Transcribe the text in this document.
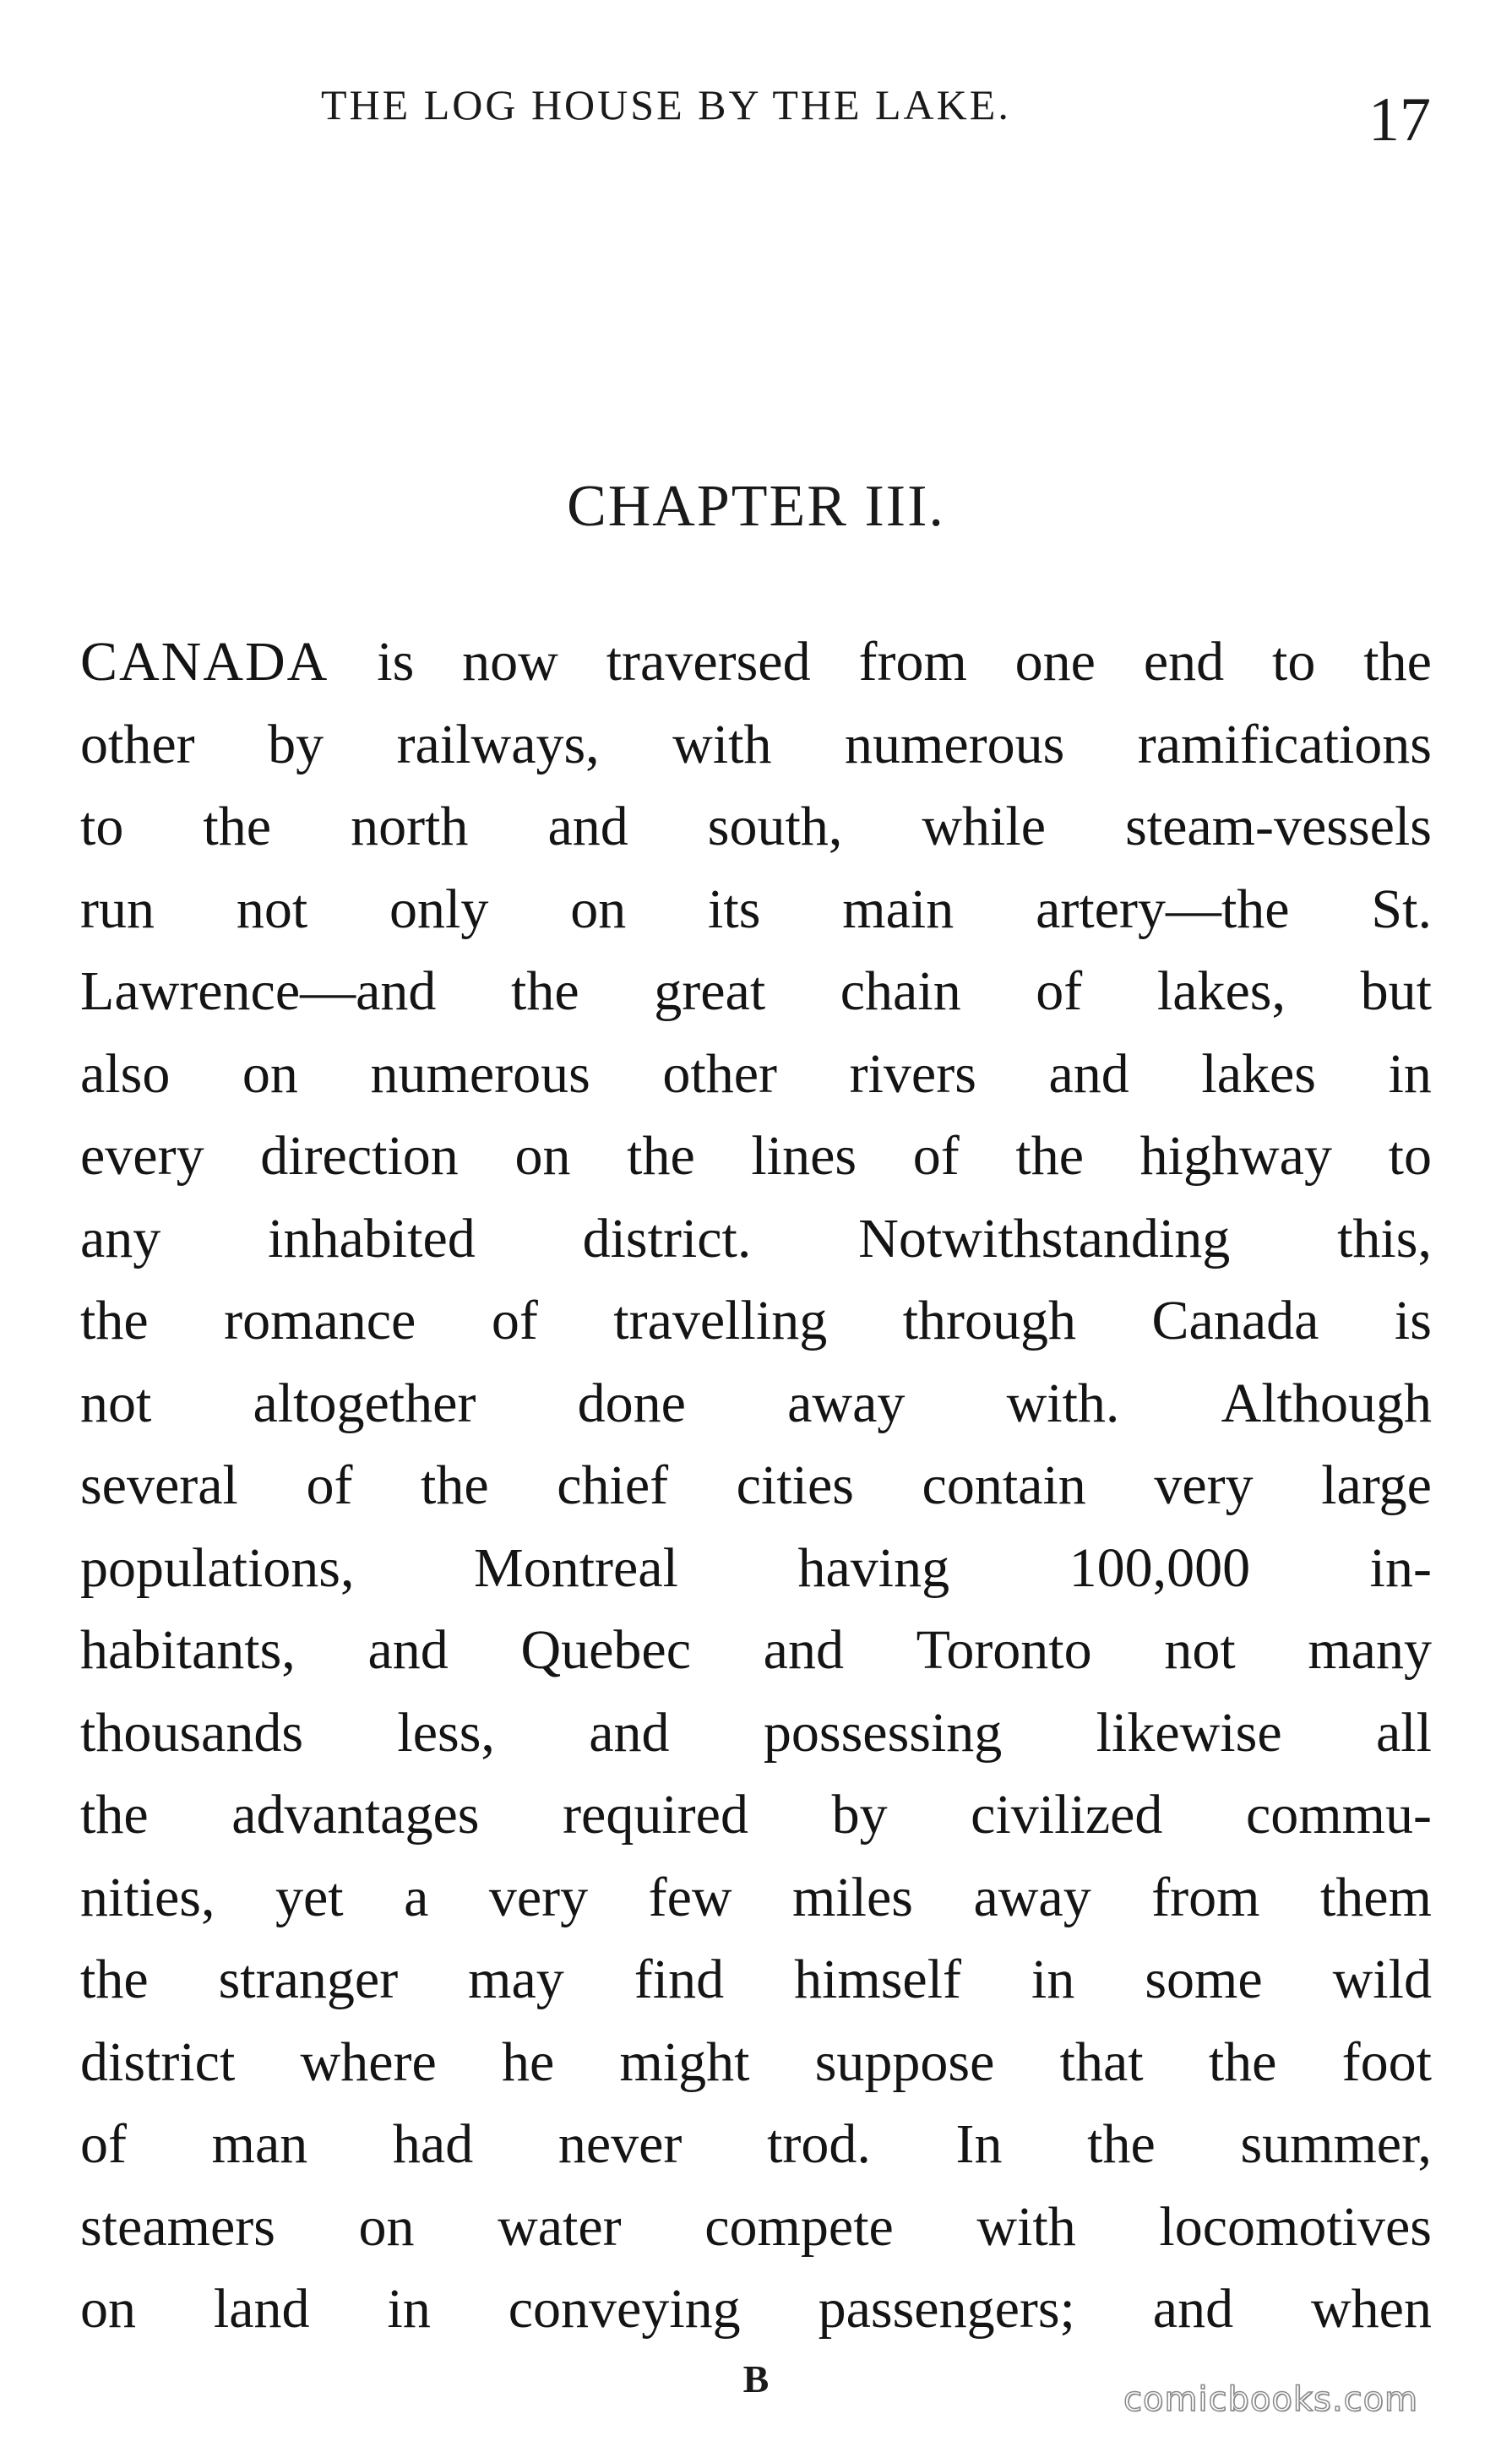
THE LOG HOUSE BY THE LAKE.	17
CHAPTER III.
CANADA is now traversed from one end to the
other by railways, with numerous ramifications
to the north and south, while steam-vessels
run not only on its main artery—the St.
Lawrence—and the great chain of lakes, but
also on numerous other rivers and lakes in
every direction on the lines of the highway to
any inhabited district. Notwithstanding this,
the romance of travelling through Canada is
not altogether done away with. Although
several of the chief cities contain very large
populations, Montreal having 100,000 in-
habitants, and Quebec and Toronto not many
thousands less, and possessing likewise all
the advantages required by civilized commu-
nities, yet a very few miles away from them
the stranger may find himself in some wild
district where he might suppose that the foot
of man had never trod. In the summer,
steamers on water compete with locomotives
on land in conveying passengers; and when
B	comicbooks.com
